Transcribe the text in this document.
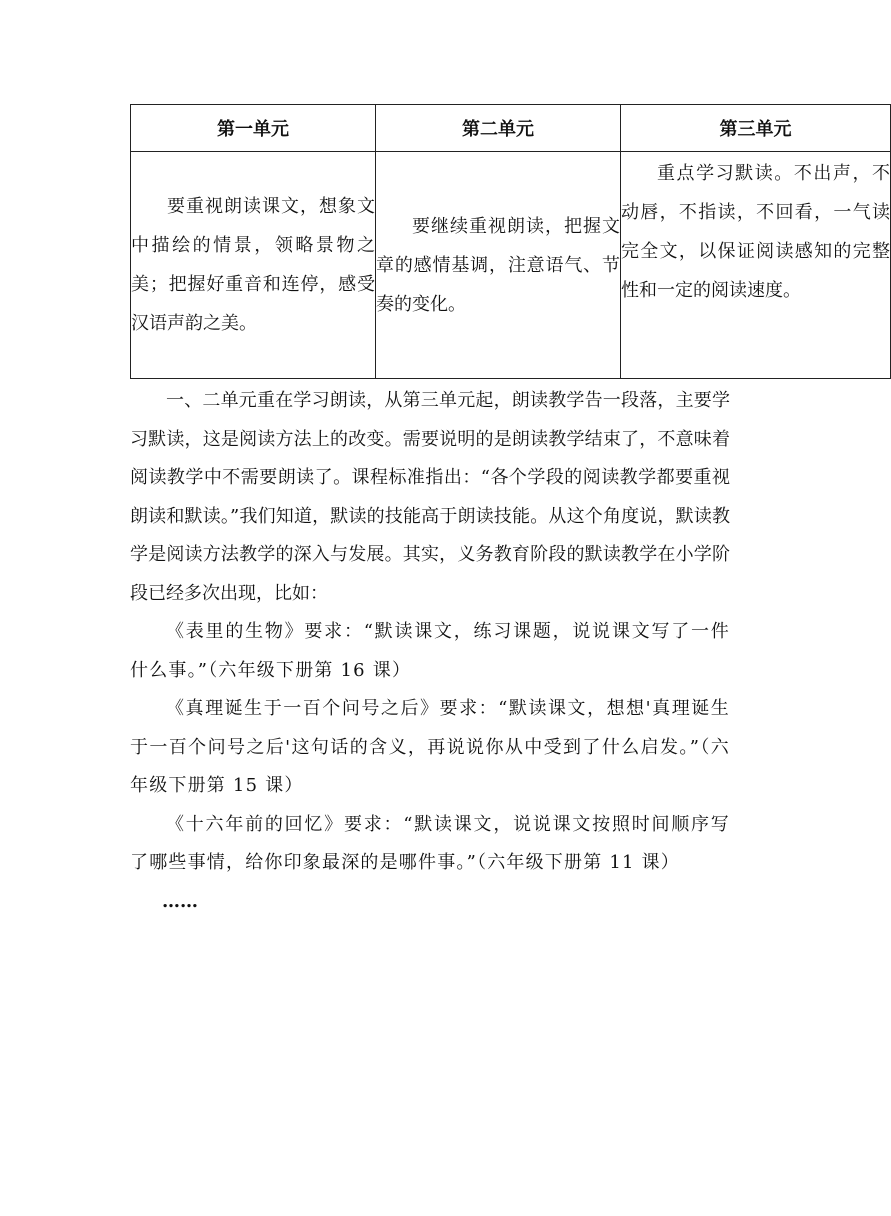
第一单元	第二单元	第三单元
要重视朗读课文，想象文中描绘的情景，领略景物之美；把握好重音和连停，感受汉语声韵之美。	要继续重视朗读，把握文章的感情基调，注意语气、节奏的变化。	重点学习默读。不出声，不动唇，不指读，不回看，一气读完全文，以保证阅读感知的完整性和一定的阅读速度。

一、二单元重在学习朗读，从第三单元起，朗读教学告一段落，主要学习默读，这是阅读方法上的改变。需要说明的是朗读教学结束了，不意味着阅读教学中不需要朗读了。课程标准指出：“各个学段的阅读教学都要重视朗读和默读。”我们知道，默读的技能高于朗读技能。从这个角度说，默读教学是阅读方法教学的深入与发展。其实，义务教育阶段的默读教学在小学阶段已经多次出现，比如：

《表里的生物》要求：“默读课文，练习课题，说说课文写了一件什么事。”（六年级下册第 16 课）

《真理诞生于一百个问号之后》要求：“默读课文，想想'真理诞生于一百个问号之后'这句话的含义，再说说你从中受到了什么启发。”（六年级下册第 15 课）

《十六年前的回忆》要求：“默读课文，说说课文按照时间顺序写了哪些事情，给你印象最深的是哪件事。”（六年级下册第 11 课）

……
